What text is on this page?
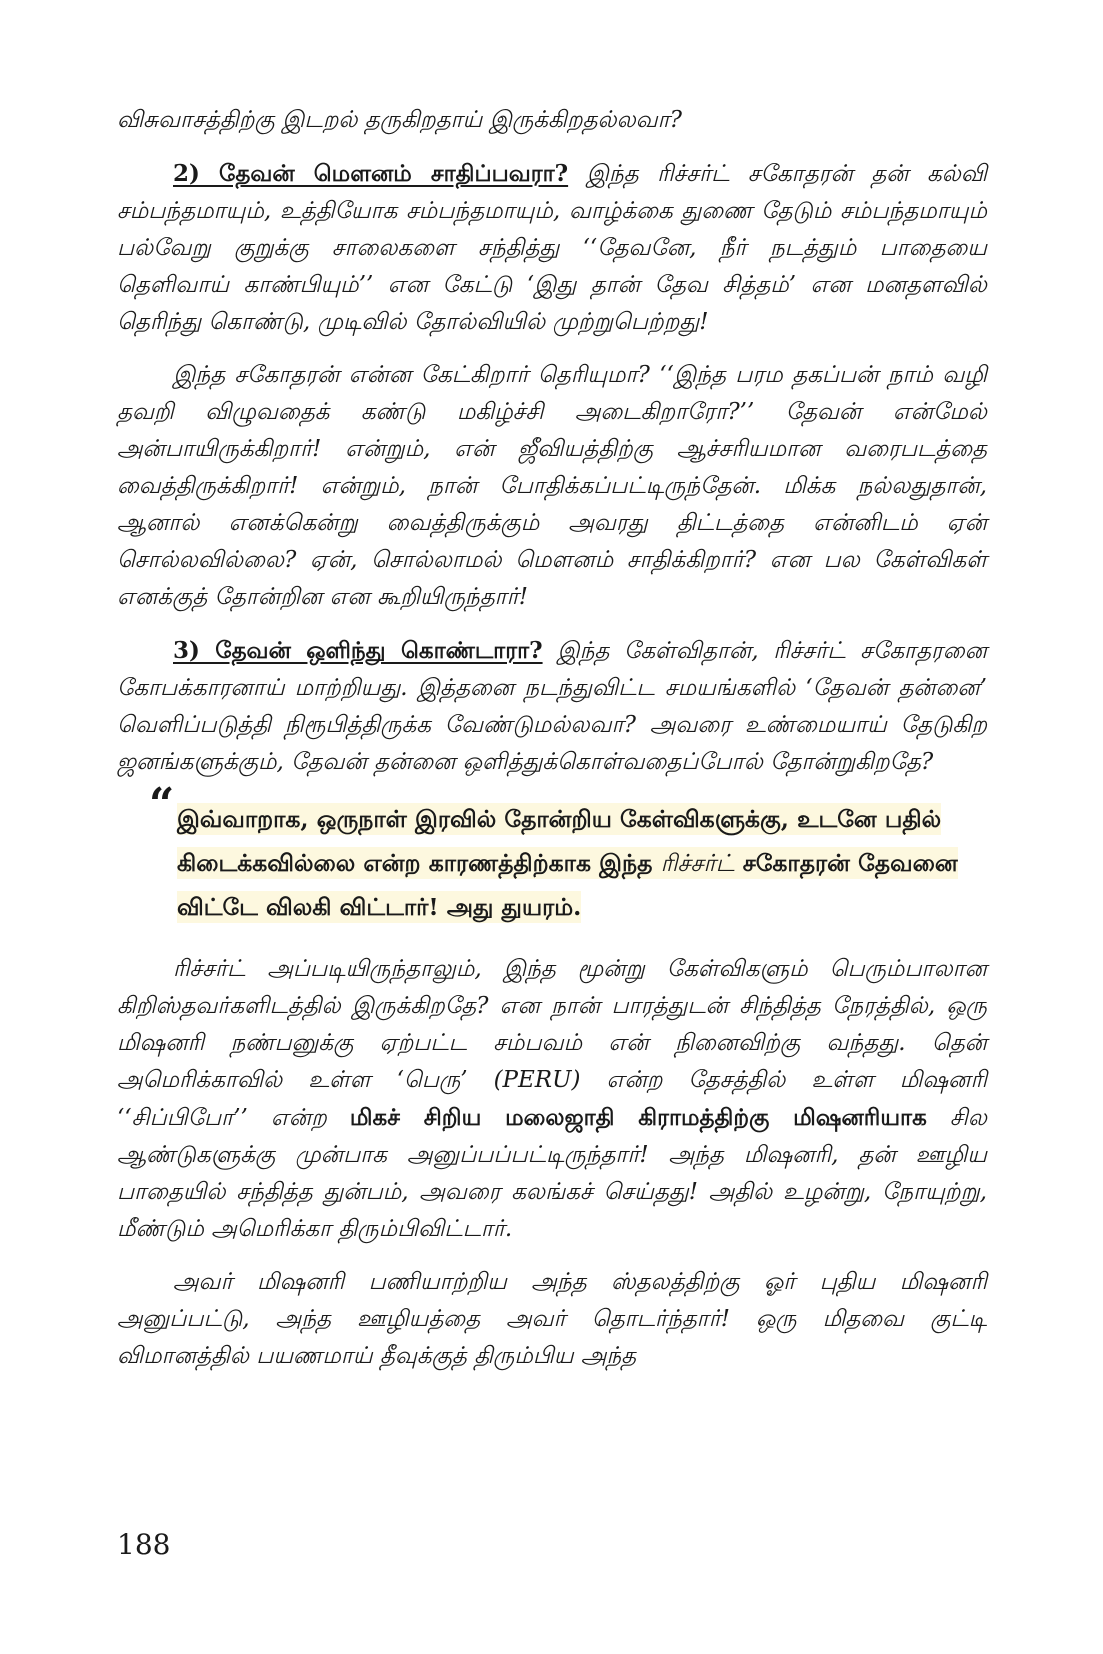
விசுவாசத்திற்கு இடறல் தருகிறதாய் இருக்கிறதல்லவா?

2) தேவன் மௌனம் சாதிப்பவரா? இந்த ரிச்சர்ட் சகோதரன் தன் கல்வி சம்பந்தமாயும், உத்தியோக சம்பந்தமாயும், வாழ்க்கை துணை தேடும் சம்பந்தமாயும் பல்வேறு குறுக்கு சாலைகளை சந்தித்து ‘‘தேவனே, நீர் நடத்தும் பாதையை தெளிவாய் காண்பியும்’’ என கேட்டு ‘இது தான் தேவ சித்தம்’ என மனதளவில் தெரிந்து கொண்டு, முடிவில் தோல்வியில் முற்றுபெற்றது!

இந்த சகோதரன் என்ன கேட்கிறார் தெரியுமா? ‘‘இந்த பரம தகப்பன் நாம் வழி தவறி விழுவதைக் கண்டு மகிழ்ச்சி அடைகிறாரோ?’’ தேவன் என்மேல் அன்பாயிருக்கிறார்! என்றும், என் ஜீவியத்திற்கு ஆச்சரியமான வரைபடத்தை வைத்திருக்கிறார்! என்றும், நான் போதிக்கப்பட்டிருந்தேன். மிக்க நல்லதுதான், ஆனால் எனக்கென்று வைத்திருக்கும் அவரது திட்டத்தை என்னிடம் ஏன் சொல்லவில்லை? ஏன், சொல்லாமல் மௌனம் சாதிக்கிறார்? என பல கேள்விகள் எனக்குத் தோன்றின என கூறியிருந்தார்!

3) தேவன் ஒளிந்து கொண்டாரா? இந்த கேள்விதான், ரிச்சர்ட் சகோதரனை கோபக்காரனாய் மாற்றியது. இத்தனை நடந்துவிட்ட சமயங்களில் ‘தேவன் தன்னை’ வெளிப்படுத்தி நிரூபித்திருக்க வேண்டுமல்லவா? அவரை உண்மையாய் தேடுகிற ஜனங்களுக்கும், தேவன் தன்னை ஒளித்துக்கொள்வதைப்போல் தோன்றுகிறதே?

“ இவ்வாறாக, ஒருநாள் இரவில் தோன்றிய கேள்விகளுக்கு, உடனே பதில் கிடைக்கவில்லை என்ற காரணத்திற்காக இந்த ரிச்சர்ட் சகோதரன் தேவனை விட்டே விலகி விட்டார்! அது துயரம்.

ரிச்சர்ட் அப்படியிருந்தாலும், இந்த மூன்று கேள்விகளும் பெரும்பாலான கிறிஸ்தவர்களிடத்தில் இருக்கிறதே? என நான் பாரத்துடன் சிந்தித்த நேரத்தில், ஒரு மிஷனரி நண்பனுக்கு ஏற்பட்ட சம்பவம் என் நினைவிற்கு வந்தது. தென் அமெரிக்காவில் உள்ள ‘பெரு’ (PERU) என்ற தேசத்தில் உள்ள மிஷனரி ‘‘சிப்பிபோ’’ என்ற மிகச் சிறிய மலைஜாதி கிராமத்திற்கு மிஷனரியாக சில ஆண்டுகளுக்கு முன்பாக அனுப்பப்பட்டிருந்தார்! அந்த மிஷனரி, தன் ஊழிய பாதையில் சந்தித்த துன்பம், அவரை கலங்கச் செய்தது! அதில் உழன்று, நோயுற்று, மீண்டும் அமெரிக்கா திரும்பிவிட்டார்.

அவர் மிஷனரி பணியாற்றிய அந்த ஸ்தலத்திற்கு ஓர் புதிய மிஷனரி அனுப்பட்டு, அந்த ஊழியத்தை அவர் தொடர்ந்தார்! ஒரு மிதவை குட்டி விமானத்தில் பயணமாய் தீவுக்குத் திரும்பிய அந்த

188
